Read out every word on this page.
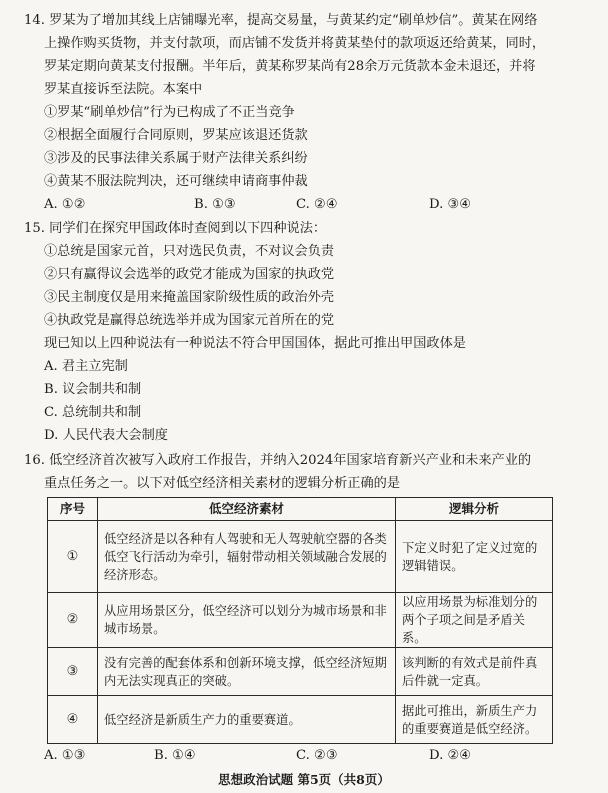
14. 罗某为了增加其线上店铺曝光率，提高交易量，与黄某约定“刷单炒信”。黄某在网络
上操作购买货物，并支付款项，而店铺不发货并将黄某垫付的款项返还给黄某，同时，
罗某定期向黄某支付报酬。半年后，黄某称罗某尚有28余万元货款本金未退还，并将
罗某直接诉至法院。本案中
①罗某“刷单炒信”行为已构成了不正当竞争
②根据全面履行合同原则，罗某应该退还货款
③涉及的民事法律关系属于财产法律关系纠纷
④黄某不服法院判决，还可继续申请商事仲裁
A. ①②	B. ①③	C. ②④	D. ③④
15. 同学们在探究甲国政体时查阅到以下四种说法：
①总统是国家元首，只对选民负责，不对议会负责
②只有赢得议会选举的政党才能成为国家的执政党
③民主制度仅是用来掩盖国家阶级性质的政治外壳
④执政党是赢得总统选举并成为国家元首所在的党
现已知以上四种说法有一种说法不符合甲国国体，据此可推出甲国政体是
A. 君主立宪制
B. 议会制共和制
C. 总统制共和制
D. 人民代表大会制度
16. 低空经济首次被写入政府工作报告，并纳入2024年国家培育新兴产业和未来产业的
重点任务之一。以下对低空经济相关素材的逻辑分析正确的是
序号	低空经济素材	逻辑分析
①	低空经济是以各种有人驾驶和无人驾驶航空器的各类低空飞行活动为牵引，辐射带动相关领域融合发展的经济形态。	下定义时犯了定义过宽的逻辑错误。
②	从应用场景区分，低空经济可以划分为城市场景和非城市场景。	以应用场景为标准划分的两个子项之间是矛盾关系。
③	没有完善的配套体系和创新环境支撑，低空经济短期内无法实现真正的突破。	该判断的有效式是前件真后件就一定真。
④	低空经济是新质生产力的重要赛道。	据此可推出，新质生产力的重要赛道是低空经济。
A. ①③	B. ①④	C. ②③	D. ②④
思想政治试题 第5页（共8页）
